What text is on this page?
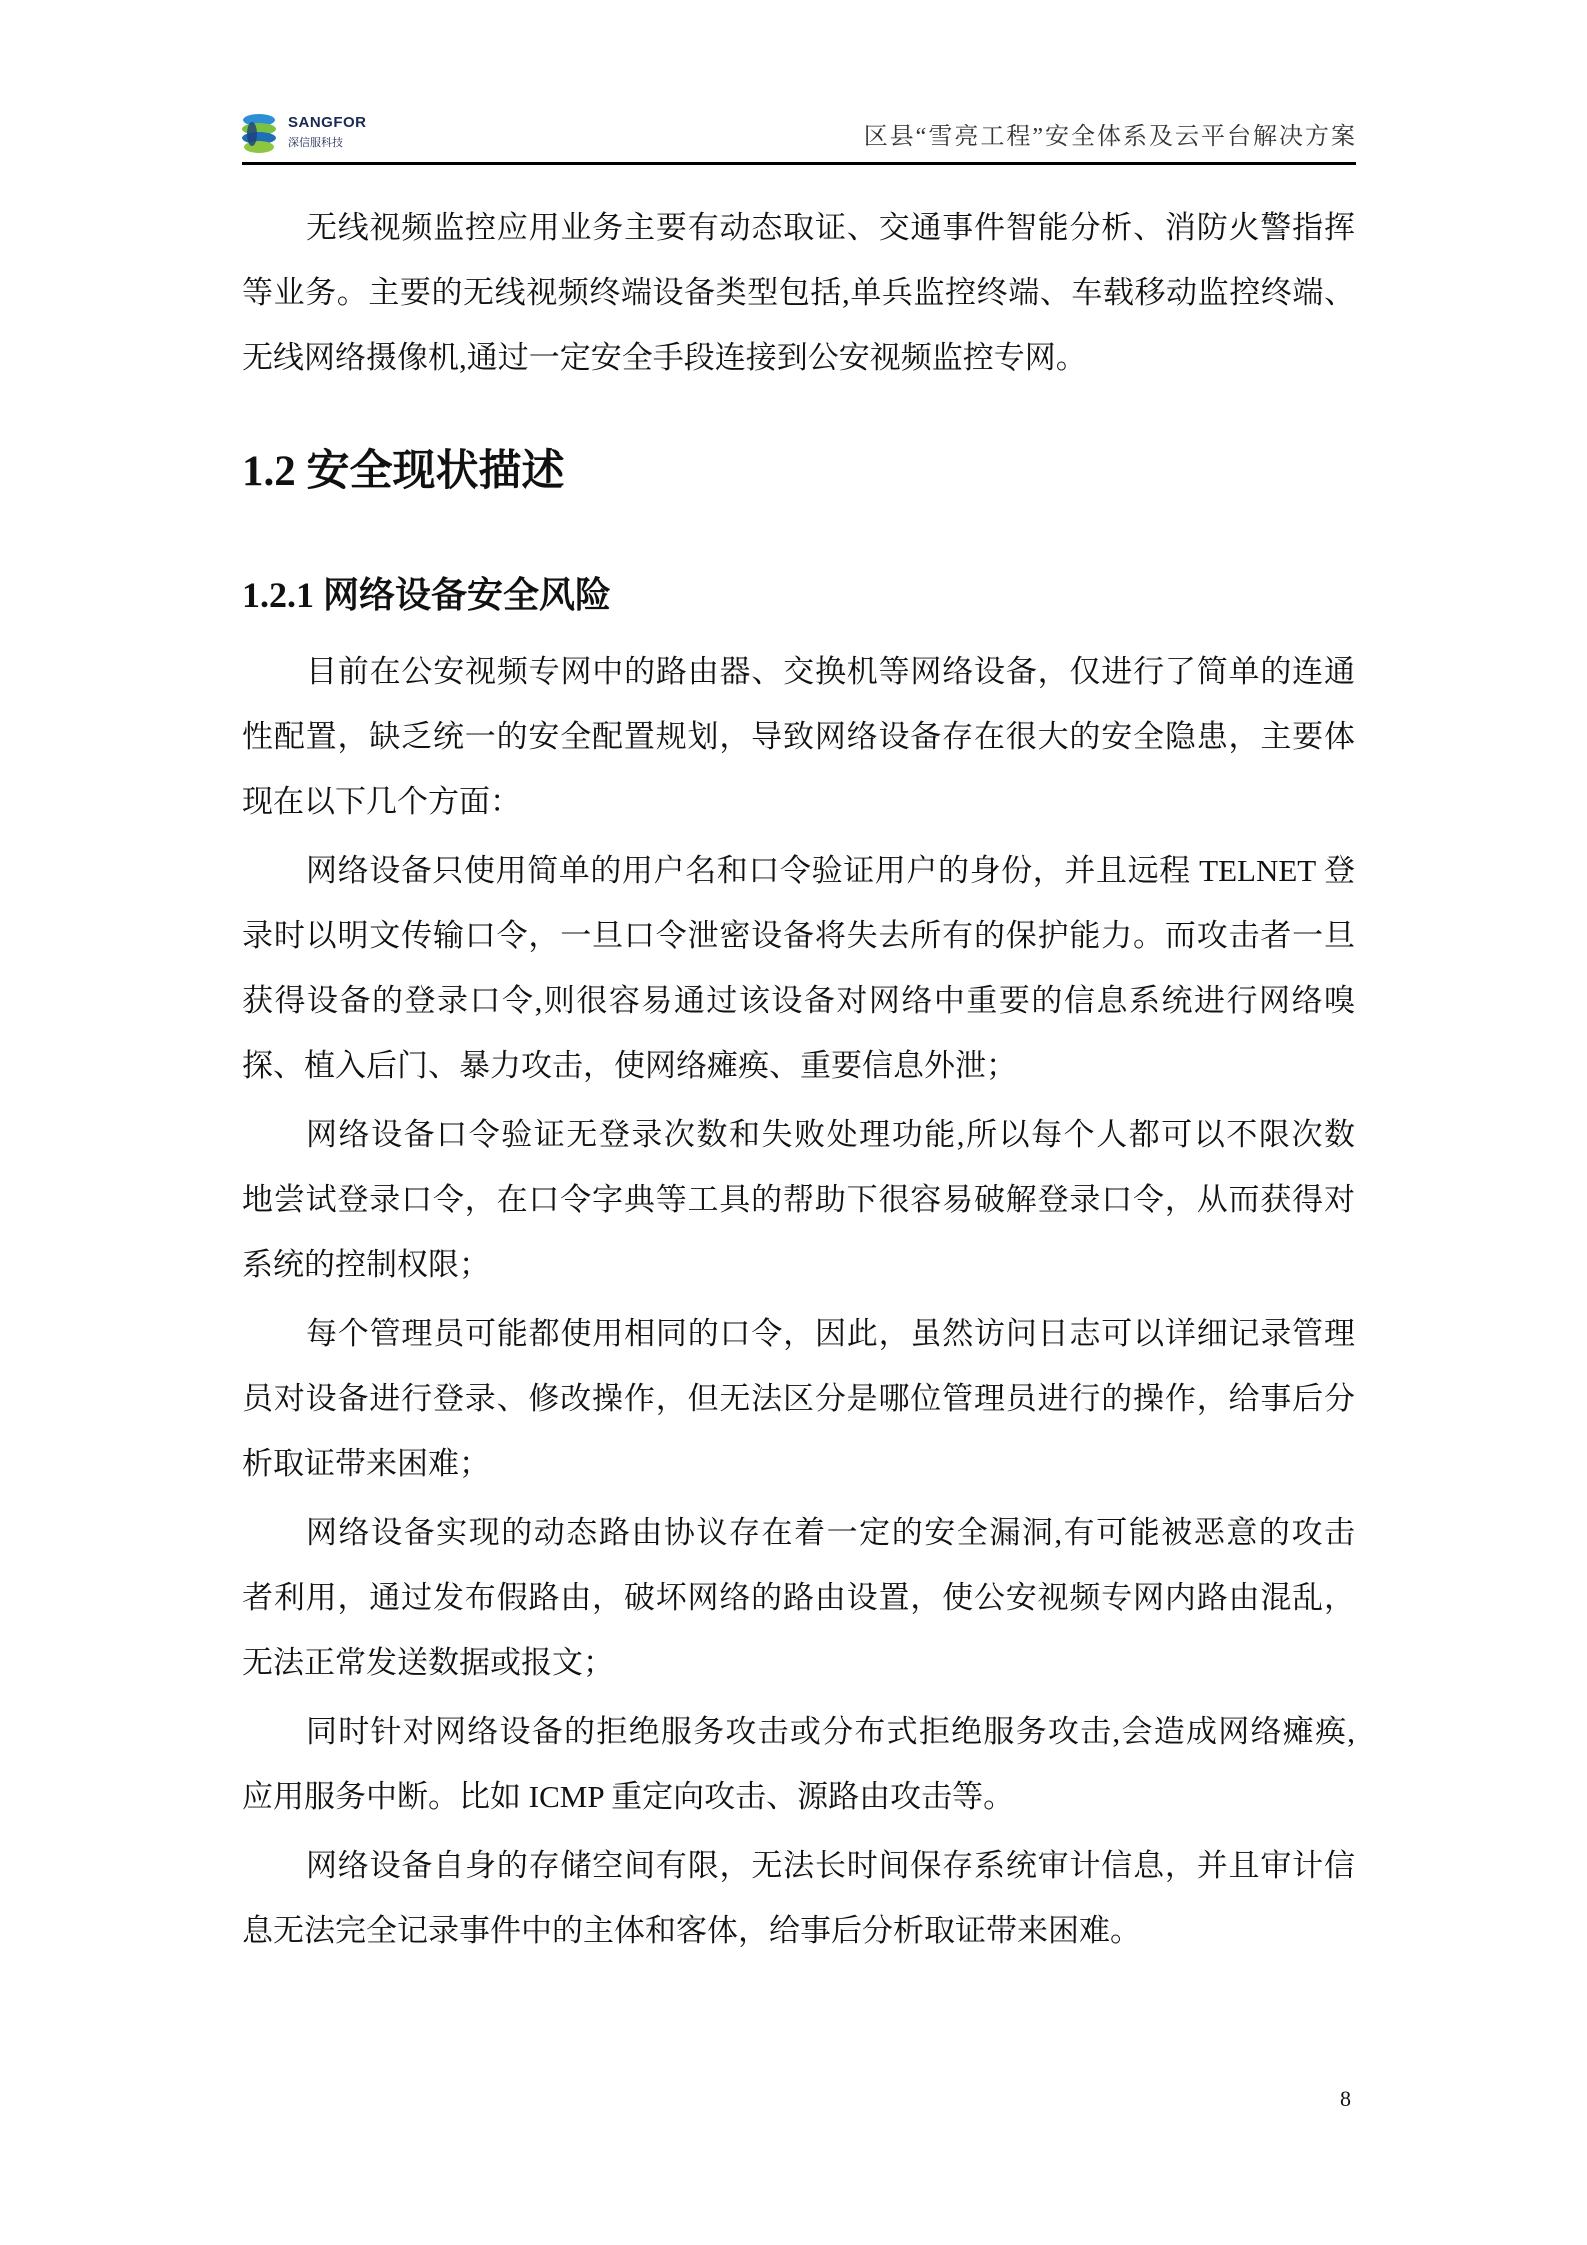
SANGFOR
深信服科技	区县“雪亮工程”安全体系及云平台解决方案
无线视频监控应用业务主要有动态取证、交通事件智能分析、消防火警指挥
等业务。主要的无线视频终端设备类型包括,单兵监控终端、车载移动监控终端、
无线网络摄像机,通过一定安全手段连接到公安视频监控专网。
1.2 安全现状描述
1.2.1 网络设备安全风险
目前在公安视频专网中的路由器、交换机等网络设备，仅进行了简单的连通
性配置，缺乏统一的安全配置规划，导致网络设备存在很大的安全隐患，主要体
现在以下几个方面：
网络设备只使用简单的用户名和口令验证用户的身份，并且远程 TELNET 登
录时以明文传输口令，一旦口令泄密设备将失去所有的保护能力。而攻击者一旦
获得设备的登录口令,则很容易通过该设备对网络中重要的信息系统进行网络嗅
探、植入后门、暴力攻击，使网络瘫痪、重要信息外泄；
网络设备口令验证无登录次数和失败处理功能,所以每个人都可以不限次数
地尝试登录口令，在口令字典等工具的帮助下很容易破解登录口令，从而获得对
系统的控制权限；
每个管理员可能都使用相同的口令，因此，虽然访问日志可以详细记录管理
员对设备进行登录、修改操作，但无法区分是哪位管理员进行的操作，给事后分
析取证带来困难；
网络设备实现的动态路由协议存在着一定的安全漏洞,有可能被恶意的攻击
者利用，通过发布假路由，破坏网络的路由设置，使公安视频专网内路由混乱，
无法正常发送数据或报文；
同时针对网络设备的拒绝服务攻击或分布式拒绝服务攻击,会造成网络瘫痪,
应用服务中断。比如 ICMP 重定向攻击、源路由攻击等。
网络设备自身的存储空间有限，无法长时间保存系统审计信息，并且审计信
息无法完全记录事件中的主体和客体，给事后分析取证带来困难。
8
